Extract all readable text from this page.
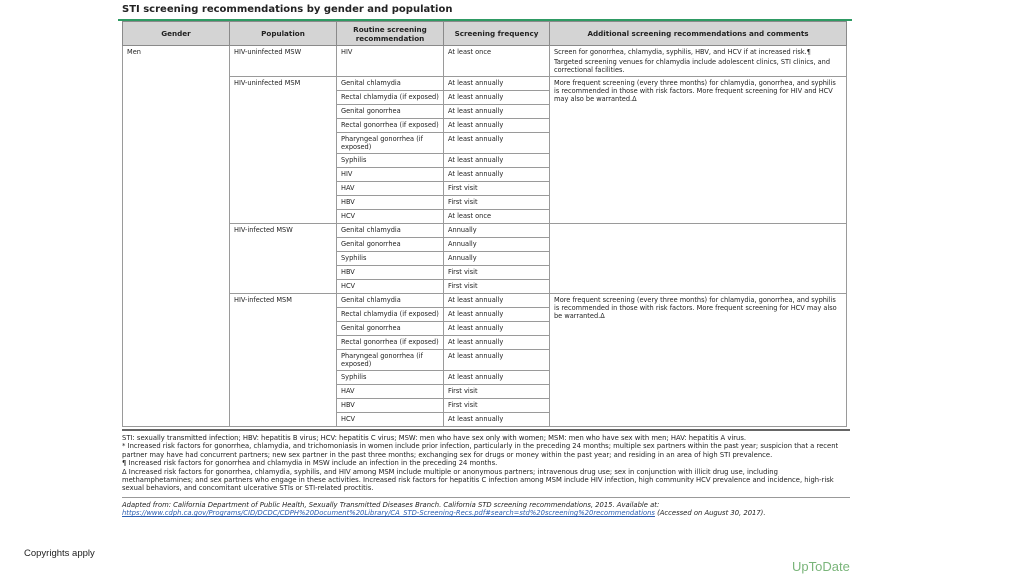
STI screening recommendations by gender and population
Gender	Population	Routine screening recommendation	Screening frequency	Additional screening recommendations and comments
Men	HIV-uninfected MSW	HIV	At least once	Screen for gonorrhea, chlamydia, syphilis, HBV, and HCV if at increased risk.¶
Targeted screening venues for chlamydia include adolescent clinics, STI clinics, and correctional facilities.

	HIV-uninfected MSM	Genital chlamydia	At least annually	More frequent screening (every three months) for chlamydia, gonorrhea, and syphilis is recommended in those with risk factors. More frequent screening for HIV and HCV may also be warranted.Δ

		Rectal chlamydia (if exposed)	At least annually	
		Genital gonorrhea	At least annually	
		Rectal gonorrhea (if exposed)	At least annually	
		Pharyngeal gonorrhea (if exposed)	At least annually	
		Syphilis	At least annually	
		HIV	At least annually	
		HAV	First visit	
		HBV	First visit	
		HCV	At least once	
	HIV-infected MSW	Genital chlamydia	Annually	
		Genital gonorrhea	Annually	
		Syphilis	Annually	
		HBV	First visit	
		HCV	First visit	
	HIV-infected MSM	Genital chlamydia	At least annually	More frequent screening (every three months) for chlamydia, gonorrhea, and syphilis is recommended in those with risk factors. More frequent screening for HCV may also be warranted.Δ

		Rectal chlamydia (if exposed)	At least annually	
		Genital gonorrhea	At least annually	
		Rectal gonorrhea (if exposed)	At least annually	
		Pharyngeal gonorrhea (if exposed)	At least annually	
		Syphilis	At least annually	
		HAV	First visit	
		HBV	First visit	
		HCV	At least annually	

STI: sexually transmitted infection; HBV: hepatitis B virus; HCV: hepatitis C virus; MSW: men who have sex only with women; MSM: men who have sex with men; HAV: hepatitis A virus.

* Increased risk factors for gonorrhea, chlamydia, and trichomoniasis in women include prior infection, particularly in the preceding 24 months; multiple sex partners within the past year; suspicion that a recent partner may have had concurrent partners; new sex partner in the past three months; exchanging sex for drugs or money within the past year; and residing in an area of high STI prevalence.

¶ Increased risk factors for gonorrhea and chlamydia in MSW include an infection in the preceding 24 months.

Δ Increased risk factors for gonorrhea, chlamydia, syphilis, and HIV among MSM include multiple or anonymous partners; intravenous drug use; sex in conjunction with illicit drug use, including methamphetamines; and sex partners who engage in these activities. Increased risk factors for hepatitis C infection among MSM include HIV infection, high community HCV prevalence and incidence, high-risk sexual behaviors, and concomitant ulcerative STIs or STI-related proctitis.

Adapted from: California Department of Public Health, Sexually Transmitted Diseases Branch. California STD screening recommendations, 2015. Available at: https://www.cdph.ca.gov/Programs/CID/DCDC/CDPH%20Document%20Library/CA_STD-Screening-Recs.pdf#search=std%20screening%20recommendations (Accessed on August 30, 2017).
Copyrights apply
UpToDate
